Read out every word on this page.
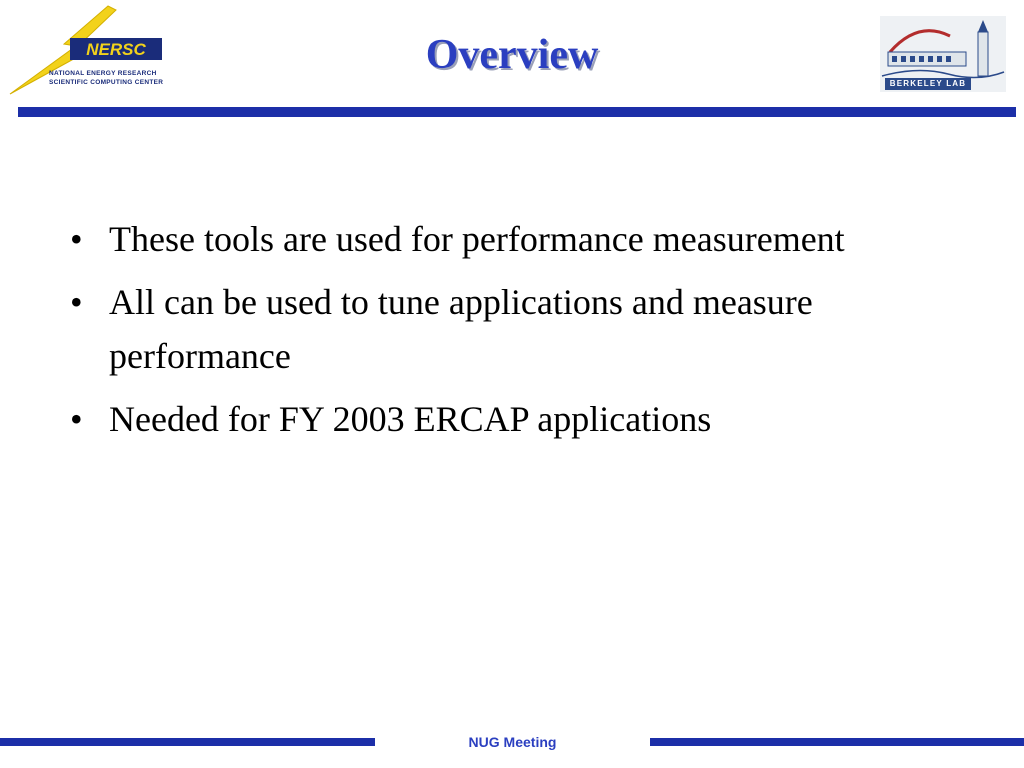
NERSC
NATIONAL ENERGY RESEARCH
SCIENTIFIC COMPUTING CENTER
Overview
BERKELEY LAB
• These tools are used for performance measurement
• All can be used to tune applications and measure performance
• Needed for FY 2003 ERCAP applications
NUG Meeting
